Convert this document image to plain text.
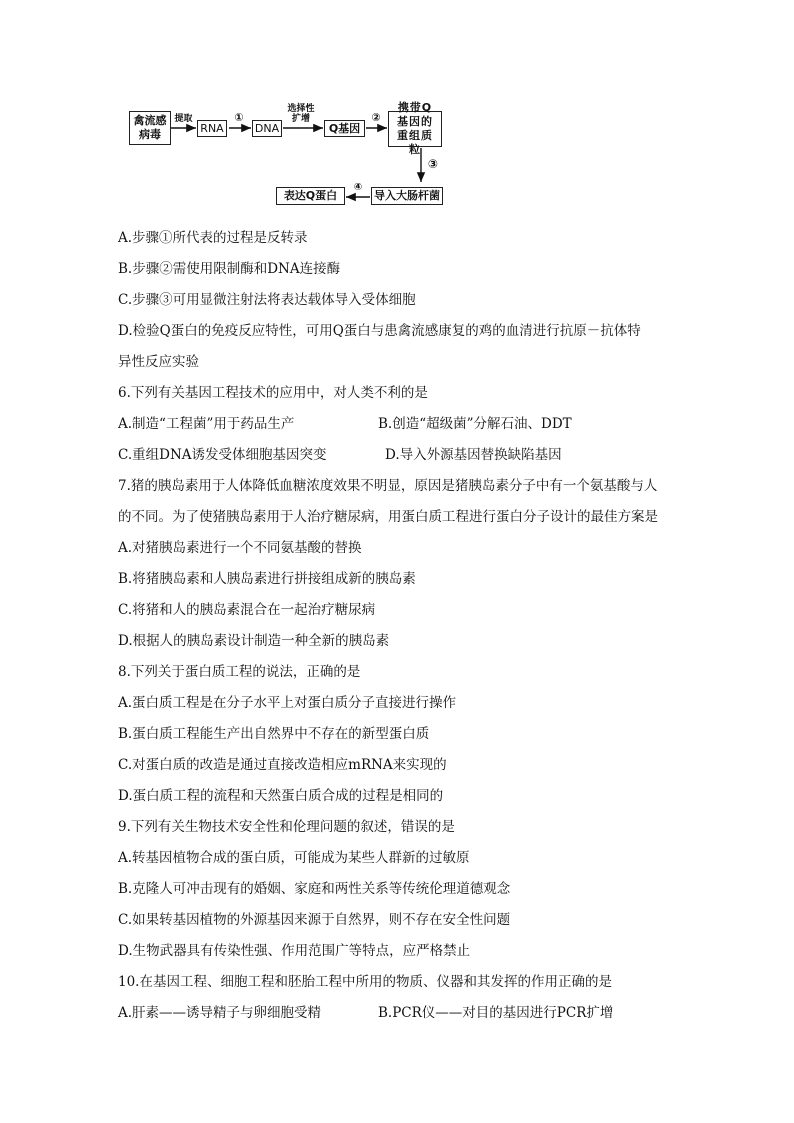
禽流感病毒	RNA	DNA	Q基因
携带Q基因的重组质粒
导入大肠杆菌
表达Q蛋白
提取	①
选择性扩增	②
③
④
A.步骤①所代表的过程是反转录
B.步骤②需使用限制酶和DNA连接酶
C.步骤③可用显微注射法将表达载体导入受体细胞
D.检验Q蛋白的免疫反应特性，可用Q蛋白与患禽流感康复的鸡的血清进行抗原－抗体特
异性反应实验
6.下列有关基因工程技术的应用中，对人类不利的是
A.制造“工程菌”用于药品生产	B.创造“超级菌”分解石油、DDT
C.重组DNA诱发受体细胞基因突变	D.导入外源基因替换缺陷基因
7.猪的胰岛素用于人体降低血糖浓度效果不明显，原因是猪胰岛素分子中有一个氨基酸与人
的不同。为了使猪胰岛素用于人治疗糖尿病，用蛋白质工程进行蛋白分子设计的最佳方案是
A.对猪胰岛素进行一个不同氨基酸的替换
B.将猪胰岛素和人胰岛素进行拼接组成新的胰岛素
C.将猪和人的胰岛素混合在一起治疗糖尿病
D.根据人的胰岛素设计制造一种全新的胰岛素
8.下列关于蛋白质工程的说法，正确的是
A.蛋白质工程是在分子水平上对蛋白质分子直接进行操作
B.蛋白质工程能生产出自然界中不存在的新型蛋白质
C.对蛋白质的改造是通过直接改造相应mRNA来实现的
D.蛋白质工程的流程和天然蛋白质合成的过程是相同的
9.下列有关生物技术安全性和伦理问题的叙述，错误的是
A.转基因植物合成的蛋白质，可能成为某些人群新的过敏原
B.克隆人可冲击现有的婚姻、家庭和两性关系等传统伦理道德观念
C.如果转基因植物的外源基因来源于自然界，则不存在安全性问题
D.生物武器具有传染性强、作用范围广等特点，应严格禁止
10.在基因工程、细胞工程和胚胎工程中所用的物质、仪器和其发挥的作用正确的是
A.肝素——诱导精子与卵细胞受精	B.PCR仪——对目的基因进行PCR扩增
